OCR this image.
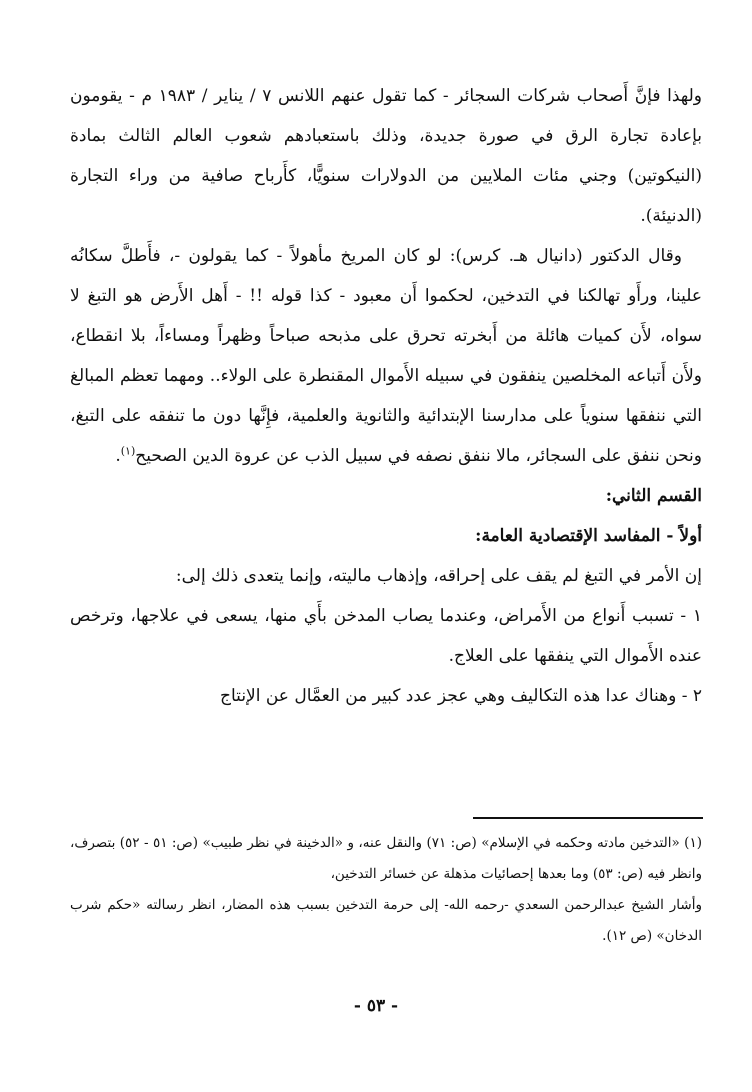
ولهذا فإنَّ أَصحاب شركات السجائر - كما تقول عنهم اللانس ٧ / يناير / ١٩٨٣ م - يقومون بإعادة تجارة الرق في صورة جديدة، وذلك باستعبادهم شعوب العالم الثالث بمادة (النيكوتين) وجني مئات الملايين من الدولارات سنويًّا، كأَرباح صافية من وراء التجارة (الدنيئة).

وقال الدكتور (دانيال هـ. كرس): لو كان المريخ مأهولاً - كما يقولون -، فأَطلَّ سكانُه علينا، ورأَو تهالكنا في التدخين، لحكموا أَن معبود - كذا قوله !! - أَهل الأَرض هو التبغ لا سواه، لأَن كميات هائلة من أَبخرته تحرق على مذبحه صباحاً وظهراً ومساءاً، بلا انقطاع، ولأَن أَتباعه المخلصين ينفقون في سبيله الأَموال المقنطرة على الولاء.. ومهما تعظم المبالغ التي ننفقها سنوياً على مدارسنا الإبتدائية والثانوية والعلمية، فإِنَّها دون ما تنفقه على التبغ، ونحن ننفق على السجائر، مالا ننفق نصفه في سبيل الذب عن عروة الدين الصحيح$^{(١)}$.

القسم الثاني:

أولاً - المفاسد الإقتصادية العامة:

إن الأمر في التبغ لم يقف على إحراقه، وإذهاب ماليته، وإنما يتعدى ذلك إلى:

١ - تسبب أَنواع من الأَمراض، وعندما يصاب المدخن بأَي منها، يسعى في علاجها، وترخص عنده الأَموال التي ينفقها على العلاج.

٢ - وهناك عدا هذه التكاليف وهي عجز عدد كبير من العمَّال عن الإنتاج

(١) «التدخين مادته وحكمه في الإسلام» (ص: ٧١) والنقل عنه، و «الدخينة في نظر طبيب» (ص: ٥١ - ٥٢) بتصرف، وانظر فيه (ص: ٥٣) وما بعدها إحصائيات مذهلة عن خسائر التدخين،

وأشار الشيخ عبدالرحمن السعدي -رحمه الله- إلى حرمة التدخين بسبب هذه المضار، انظر رسالته «حكم شرب الدخان» (ص ١٢).

- ٥٣ -
